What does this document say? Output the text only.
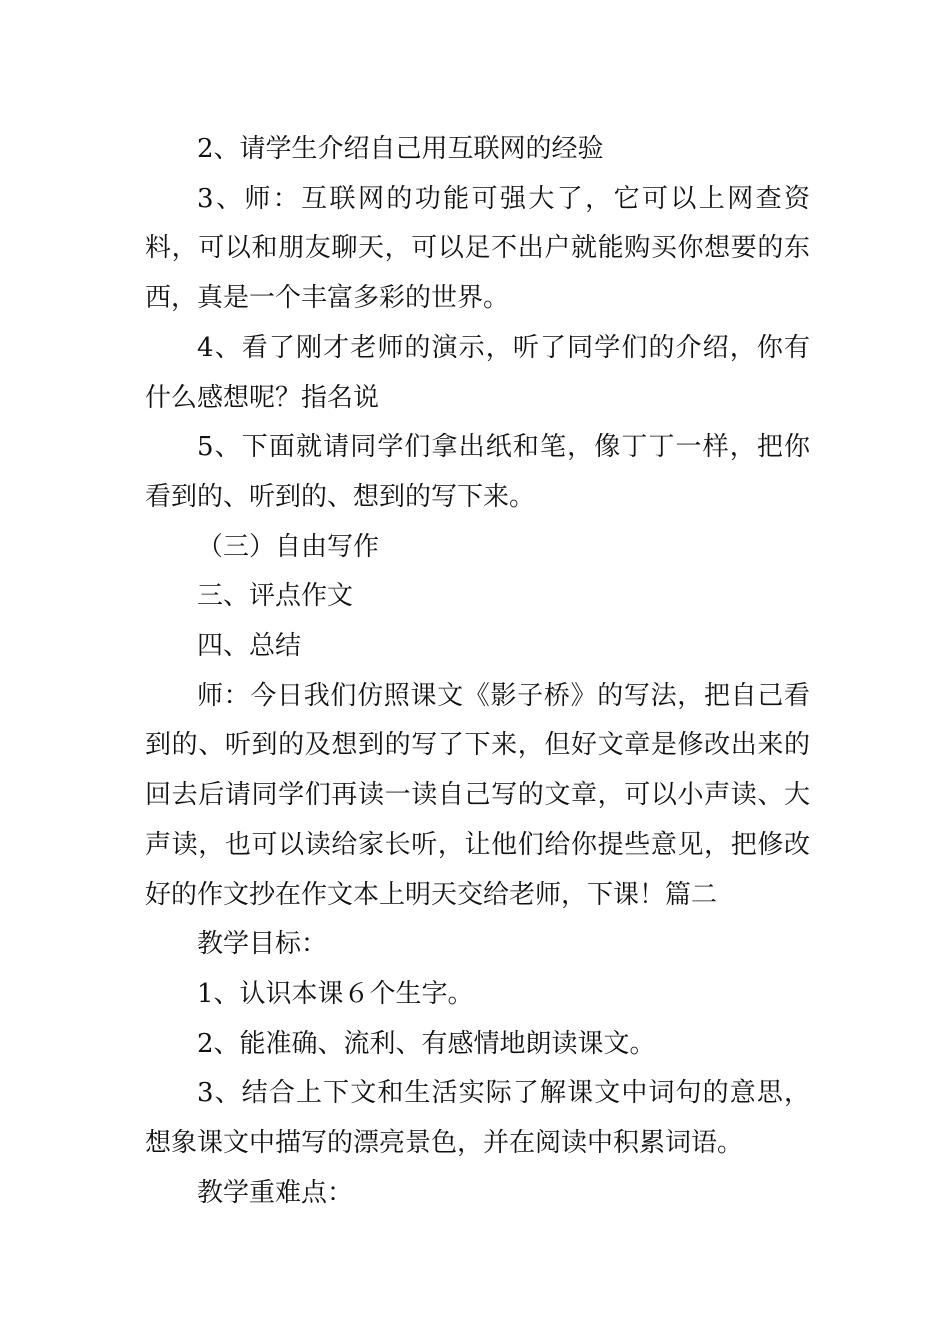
2、请学生介绍自己用互联网的经验

3、师：互联网的功能可强大了，它可以上网查资料，可以和朋友聊天，可以足不出户就能购买你想要的东西，真是一个丰富多彩的世界。

4、看了刚才老师的演示，听了同学们的介绍，你有什么感想呢？指名说

5、下面就请同学们拿出纸和笔，像丁丁一样，把你看到的、听到的、想到的写下来。

（三）自由写作

三、评点作文

四、总结

师：今日我们仿照课文《影子桥》的写法，把自己看到的、听到的及想到的写了下来，但好文章是修改出来的回去后请同学们再读一读自己写的文章，可以小声读、大声读，也可以读给家长听，让他们给你提些意见，把修改好的作文抄在作文本上明天交给老师，下课！篇二

教学目标：

1、认识本课６个生字。

2、能准确、流利、有感情地朗读课文。

3、结合上下文和生活实际了解课文中词句的意思，想象课文中描写的漂亮景色，并在阅读中积累词语。

教学重难点：
